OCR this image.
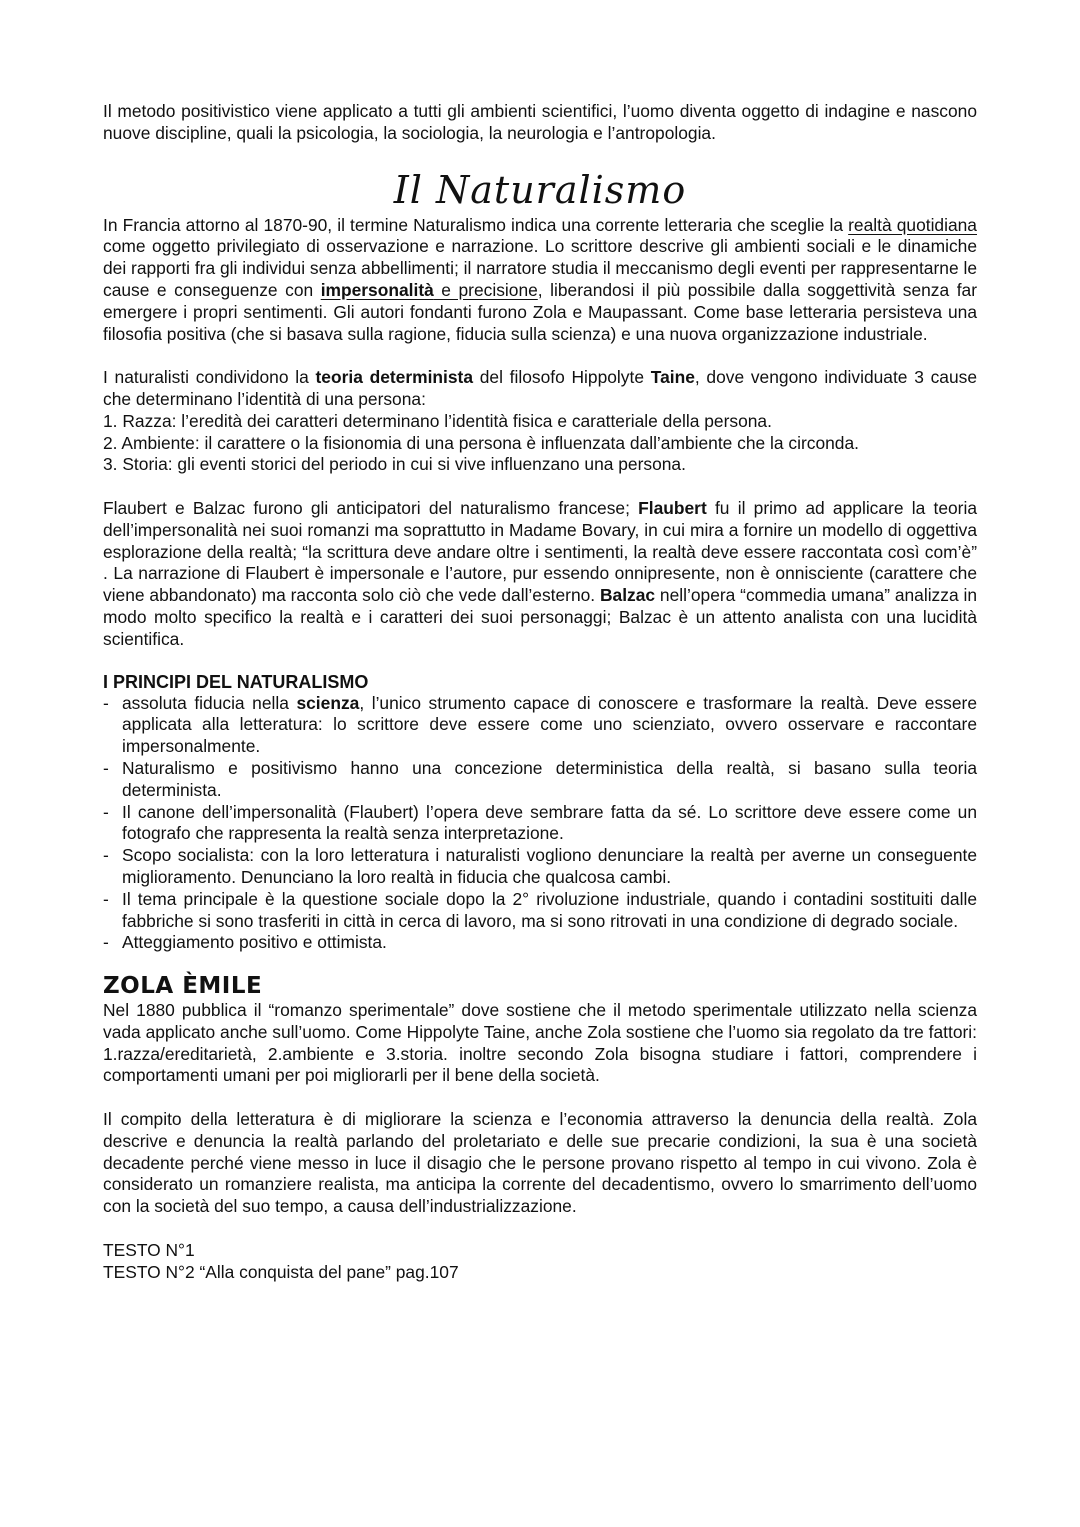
Il metodo positivistico viene applicato a tutti gli ambienti scientifici, l’uomo diventa oggetto di indagine e nascono nuove discipline, quali la psicologia, la sociologia, la neurologia e l’antropologia.

Il Naturalismo

In Francia attorno al 1870-90, il termine Naturalismo indica una corrente letteraria che sceglie la realtà quotidiana come oggetto privilegiato di osservazione e narrazione. Lo scrittore descrive gli ambienti sociali e le dinamiche dei rapporti fra gli individui senza abbellimenti; il narratore studia il meccanismo degli eventi per rappresentarne le cause e conseguenze con impersonalità e precisione, liberandosi il più possibile dalla soggettività senza far emergere i propri sentimenti. Gli autori fondanti furono Zola e Maupassant. Come base letteraria persisteva una filosofia positiva (che si basava sulla ragione, fiducia sulla scienza) e una nuova organizzazione industriale.

I naturalisti condividono la teoria determinista del filosofo Hippolyte Taine, dove vengono individuate 3 cause che determinano l’identità di una persona:

1. Razza: l’eredità dei caratteri determinano l’identità fisica e caratteriale della persona.
2. Ambiente: il carattere o la fisionomia di una persona è influenzata dall’ambiente che la circonda.
3. Storia: gli eventi storici del periodo in cui si vive influenzano una persona.

Flaubert e Balzac furono gli anticipatori del naturalismo francese; Flaubert fu il primo ad applicare la teoria dell’impersonalità nei suoi romanzi ma soprattutto in Madame Bovary, in cui mira a fornire un modello di oggettiva esplorazione della realtà; “la scrittura deve andare oltre i sentimenti, la realtà deve essere raccontata così com’è” . La narrazione di Flaubert è impersonale e l’autore, pur essendo onnipresente, non è onnisciente (carattere che viene abbandonato) ma racconta solo ciò che vede dall’esterno. Balzac nell’opera “commedia umana” analizza in modo molto specifico la realtà e i caratteri dei suoi personaggi; Balzac è un attento analista con una lucidità scientifica.

I PRINCIPI DEL NATURALISMO
- assoluta fiducia nella scienza, l’unico strumento capace di conoscere e trasformare la realtà. Deve essere applicata alla letteratura: lo scrittore deve essere come uno scienziato, ovvero osservare e raccontare impersonalmente.
- Naturalismo e positivismo hanno una concezione deterministica della realtà, si basano sulla teoria determinista.
- Il canone dell’impersonalità (Flaubert) l’opera deve sembrare fatta da sé. Lo scrittore deve essere come un fotografo che rappresenta la realtà senza interpretazione.
- Scopo socialista: con la loro letteratura i naturalisti vogliono denunciare la realtà per averne un conseguente miglioramento. Denunciano la loro realtà in fiducia che qualcosa cambi.
- Il tema principale è la questione sociale dopo la 2° rivoluzione industriale, quando i contadini sostituiti dalle fabbriche si sono trasferiti in città in cerca di lavoro, ma si sono ritrovati in una condizione di degrado sociale.
- Atteggiamento positivo e ottimista.
ZOLA ÈMILE

Nel 1880 pubblica il “romanzo sperimentale” dove sostiene che il metodo sperimentale utilizzato nella scienza vada applicato anche sull’uomo. Come Hippolyte Taine, anche Zola sostiene che l’uomo sia regolato da tre fattori: 1.razza/ereditarietà, 2.ambiente e 3.storia. inoltre secondo Zola bisogna studiare i fattori, comprendere i comportamenti umani per poi migliorarli per il bene della società.

Il compito della letteratura è di migliorare la scienza e l’economia attraverso la denuncia della realtà. Zola descrive e denuncia la realtà parlando del proletariato e delle sue precarie condizioni, la sua è una società decadente perché viene messo in luce il disagio che le persone provano rispetto al tempo in cui vivono. Zola è considerato un romanziere realista, ma anticipa la corrente del decadentismo, ovvero lo smarrimento dell’uomo con la società del suo tempo, a causa dell’industrializzazione.

TESTO N°1

TESTO N°2 “Alla conquista del pane” pag.107
